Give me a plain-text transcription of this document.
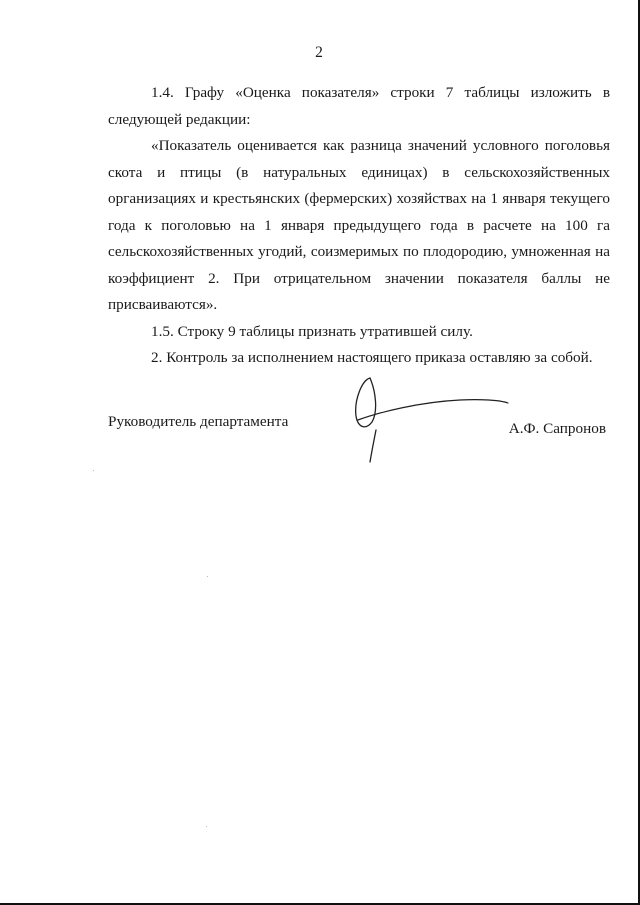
2

1.4. Графу «Оценка показателя» строки 7 таблицы изложить в следующей редакции:

«Показатель оценивается как разница значений условного поголовья скота и птицы (в натуральных единицах) в сельскохозяйственных организациях и крестьянских (фермерских) хозяйствах на 1 января текущего года к поголовью на 1 января предыдущего года в расчете на 100 га сельскохозяйственных угодий, соизмеримых по плодородию, умноженная на коэффициент 2. При отрицательном значении показателя баллы не присваиваются».

1.5. Строку 9 таблицы признать утратившей силу.

2. Контроль за исполнением настоящего приказа оставляю за собой.

Руководитель департамента	А.Ф. Сапронов
